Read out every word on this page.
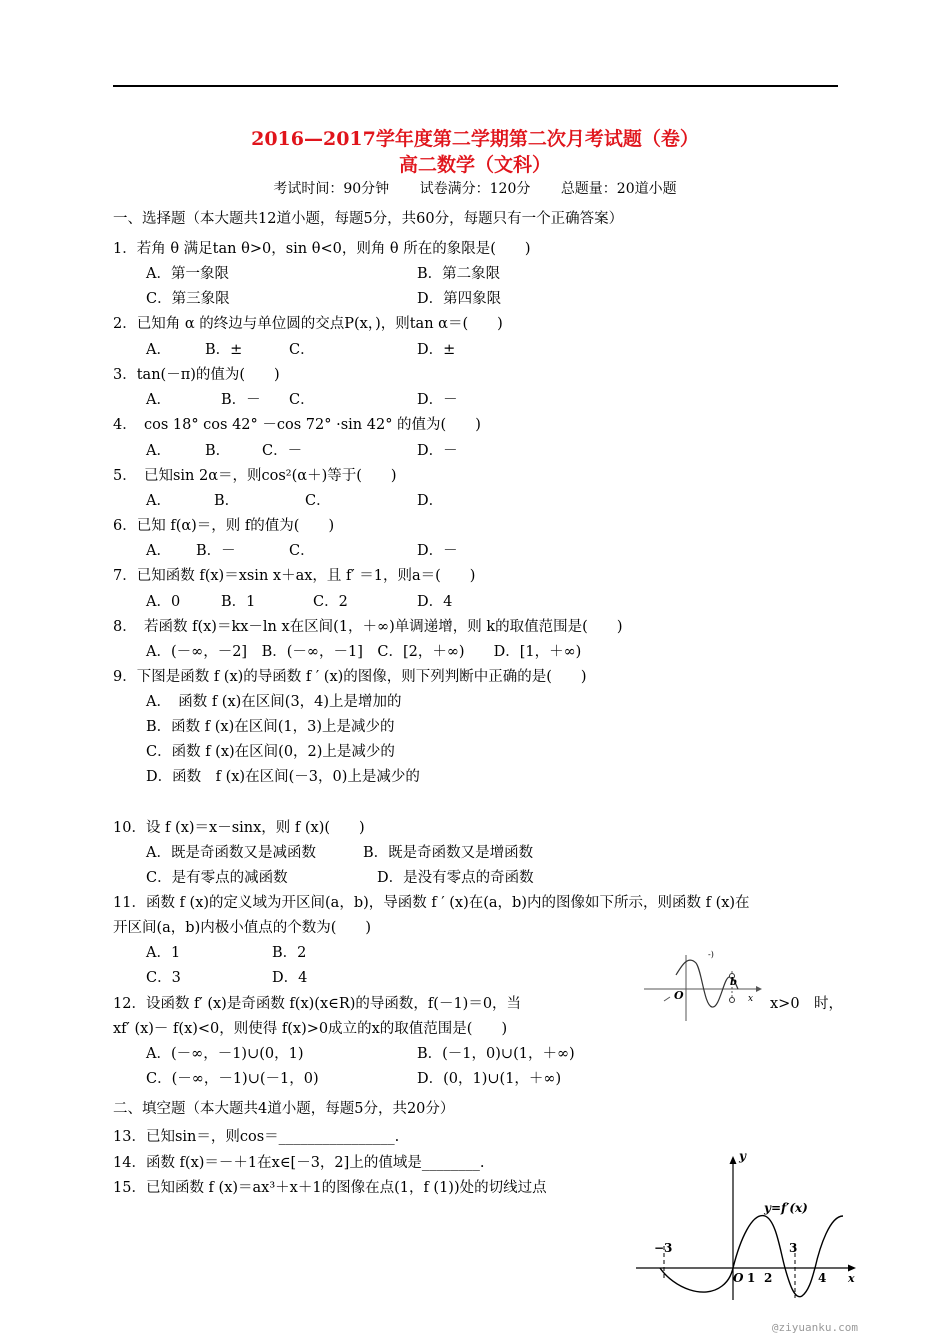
2016—2017学年度第二学期第二次月考试题（卷）
高二数学（文科）
考试时间：90分钟 试卷满分：120分 总题量：20道小题
一、选择题（本大题共12道小题，每题5分，共60分，每题只有一个正确答案）
1．若角 θ 满足tan θ>0，sin θ<0，则角 θ 所在的象限是(　　)
A．第一象限	B．第二象限
C．第三象限	D．第四象限
2．已知角 α 的终边与单位圆的交点P(x，)，则tan α＝(　　)
A． B．±	C．	D．±
3．tan(－π)的值为(　　)
A．	B．－ C．	D．－
4．　cos 18° cos 42° －cos 72° ·sin 42° 的值为(　　)
A． B． C．－	D．－
5．　已知sin 2α＝，则cos²(α＋)等于(　　)
A．	B．	C．	D．
6．已知 f(α)＝，则 f的值为(　　)
A． B．－	C．	D．－
7．已知函数 f(x)＝xsin x＋ax，且 f′ ＝1，则a＝(　　)
A．0	B．1	C．2	D．4
8．　若函数 f(x)＝kx－ln x在区间(1，＋∞)单调递增，则 k的取值范围是(　　)
A．(－∞，－2]　B．(－∞，－1]　C．[2，＋∞)　　D．[1，＋∞)
9．下图是函数 f (x)的导函数 f ′ (x)的图像，则下列判断中正确的是(　　)
A．　函数 f (x)在区间(3，4)上是增加的
B．函数 f (x)在区间(1，3)上是减少的
C．函数 f (x)在区间(0，2)上是减少的
D．函数　f (x)在区间(－3，0)上是减少的
10．设 f (x)＝x－sinx，则 f (x)(　　)
A．既是奇函数又是减函数	B．既是奇函数又是增函数
C．是有零点的减函数	D．是没有零点的奇函数
11．函数 f (x)的定义域为开区间(a，b)，导函数 f ′ (x)在(a，b)内的图像如下所示，则函数 f (x)在
开区间(a，b)内极小值点的个数为(　　)
A．1	B．2
C．3	D．4
O
b
x
-)
12．设函数 f′ (x)是奇函数 f(x)(x∈R)的导函数，f(－1)＝0，当	x>0　时，
xf′ (x)－ f(x)<0，则使得 f(x)>0成立的x的取值范围是(　　)
A．(－∞，－1)∪(0，1)	B．(－1，0)∪(1，＋∞)
C．(－∞，－1)∪(－1，0)	D．(0，1)∪(1，＋∞)
二、填空题（本大题共4道小题，每题5分，共20分）
13．已知sin＝，则cos＝________________.
14．函数 f(x)＝－＋1在x∈[－3，2]上的值域是________.
15．已知函数 f (x)＝ax³＋x＋1的图像在点(1，f (1))处的切线过点
y
y=f′(x)
−3
O 1 2
3
4 x
@ziyuanku.com
